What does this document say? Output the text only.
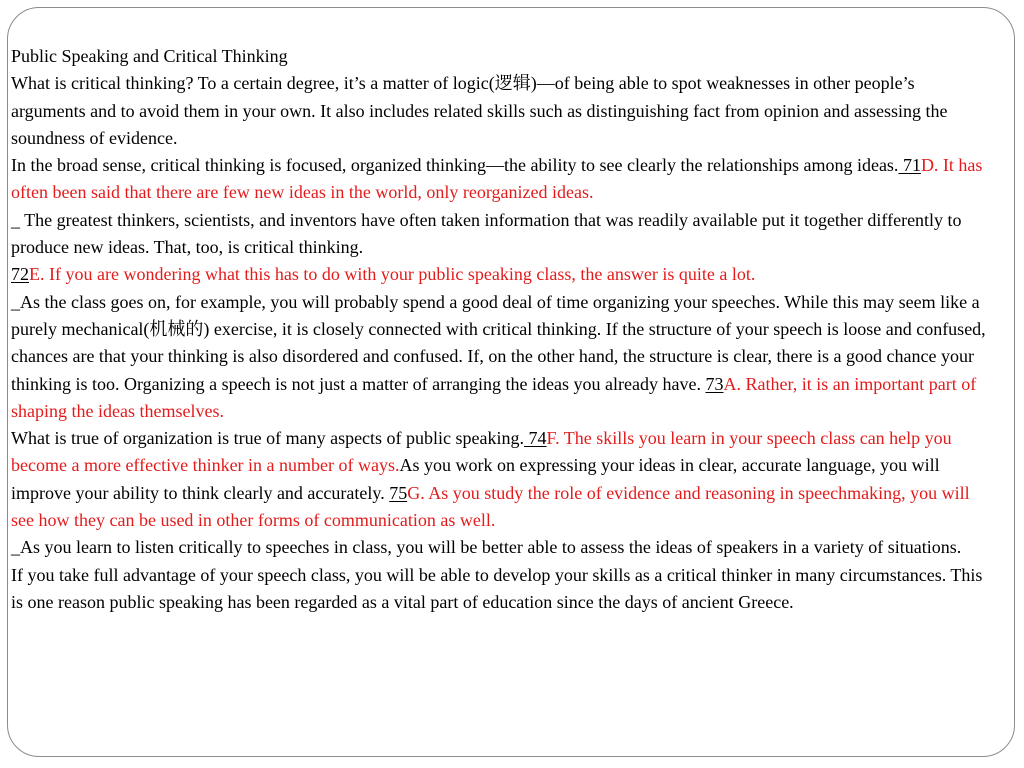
Public Speaking and Critical Thinking

What is critical thinking? To a certain degree, it’s a matter of logic(逻辑)—of being able to spot weaknesses in other people’s arguments and to avoid them in your own. It also includes related skills such as distinguishing fact from opinion and assessing the soundness of evidence.

In the broad sense, critical thinking is focused, organized thinking—the ability to see clearly the relationships among ideas. 71D. It has often been said that there are few new ideas in the world, only reorganized ideas.

_ The greatest thinkers, scientists, and inventors have often taken information that was readily available put it together differently to produce new ideas. That, too, is critical thinking.

72E. If you are wondering what this has to do with your public speaking class, the answer is quite a lot.

_As the class goes on, for example, you will probably spend a good deal of time organizing your speeches. While this may seem like a purely mechanical(机械的) exercise, it is closely connected with critical thinking. If the structure of your speech is loose and confused, chances are that your thinking is also disordered and confused. If, on the other hand, the structure is clear, there is a good chance your thinking is too. Organizing a speech is not just a matter of arranging the ideas you already have. 73A. Rather, it is an important part of shaping the ideas themselves.

What is true of organization is true of many aspects of public speaking. 74F. The skills you learn in your speech class can help you become a more effective thinker in a number of ways.As you work on expressing your ideas in clear, accurate language, you will improve your ability to think clearly and accurately. 75G. As you study the role of evidence and reasoning in speechmaking, you will see how they can be used in other forms of communication as well.

_As you learn to listen critically to speeches in class, you will be better able to assess the ideas of speakers in a variety of situations.

If you take full advantage of your speech class, you will be able to develop your skills as a critical thinker in many circumstances. This is one reason public speaking has been regarded as a vital part of education since the days of ancient Greece.
